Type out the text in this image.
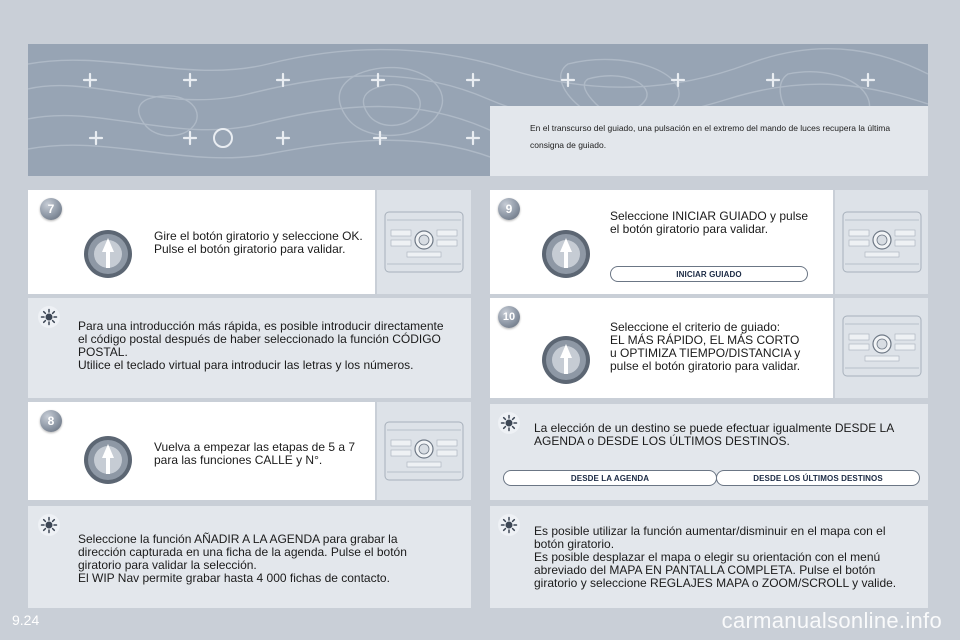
En el transcurso del guiado, una pulsación en el extremo del mando de luces recupera la última consigna de guiado.
7
Gire el botón giratorio y seleccione OK.
Pulse el botón giratorio para validar.
Para una introducción más rápida, es posible introducir directamente
el código postal después de haber seleccionado la función CÓDIGO
POSTAL.
Utilice el teclado virtual para introducir las letras y los números.
8
Vuelva a empezar las etapas de 5 a 7
para las funciones CALLE y N°.
Seleccione la función AÑADIR A LA AGENDA para grabar la
dirección capturada en una ficha de la agenda. Pulse el botón
giratorio para validar la selección.
El WIP Nav permite grabar hasta 4 000 fichas de contacto.
9	Seleccione INICIAR GUIADO y pulse
el botón giratorio para validar.
INICIAR GUIADO
10
Seleccione el criterio de guiado:
EL MÁS RÁPIDO, EL MÁS CORTO
u OPTIMIZA TIEMPO/DISTANCIA y
pulse el botón giratorio para validar.
La elección de un destino se puede efectuar igualmente DESDE LA
AGENDA o DESDE LOS ÚLTIMOS DESTINOS.
DESDE LA AGENDA	DESDE LOS ÚLTIMOS DESTINOS
Es posible utilizar la función aumentar/disminuir en el mapa con el
botón giratorio.
Es posible desplazar el mapa o elegir su orientación con el menú
abreviado del MAPA EN PANTALLA COMPLETA. Pulse el botón
giratorio y seleccione REGLAJES MAPA o ZOOM/SCROLL y valide.
9.24	carmanualsonline.info
